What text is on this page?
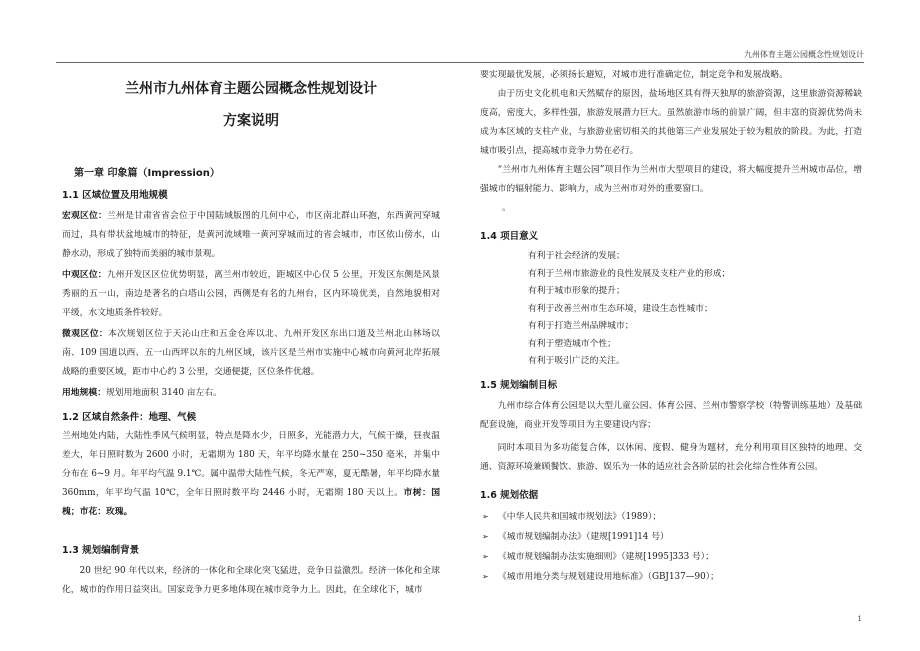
九州体育主题公园概念性规划设计
兰州市九州体育主题公园概念性规划设计
方案说明
第一章 印象篇（Impression）
1.1 区域位置及用地规模

宏观区位：兰州是甘肃省省会位于中国陆域版图的几何中心，市区南北群山环抱，东西黄河穿城而过，具有带状盆地城市的特征，是黄河流域唯一黄河穿城而过的省会城市，市区依山傍水，山静水动，形成了独特而美丽的城市景观。

中观区位：九州开发区区位优势明显，离兰州市较近，距城区中心仅 5 公里，开发区东侧是风景秀丽的五一山，南边是著名的白塔山公园，西侧是有名的九州台，区内环境优美，自然地貌相对平缓，水文地质条件较好。

微观区位：本次规划区位于天沁山庄和五金仓库以北、九州开发区东出口道及兰州北山林场以南、109 国道以西、五一山西坪以东的九州区域，该片区是兰州市实施中心城市向黄河北岸拓展战略的重要区域，距市中心约 3 公里，交通便捷，区位条件优越。

用地规模：规划用地面积 3140 亩左右。

1.2 区域自然条件：地理、气候

兰州地处内陆，大陆性季风气候明显，特点是降水少，日照多，光能潜力大，气候干燥，昼夜温差大，年日照时数为 2600 小时，无霜期为 180 天，年平均降水量在 250~350 毫米，并集中分布在 6~9 月。年平均气温 9.1℃。属中温带大陆性气候，冬无严寒，夏无酷暑，年平均降水量 360mm，年平均气温 10℃，全年日照时数平均 2446 小时，无霜期 180 天以上。市树：国槐；市花：玫瑰。

1.3 规划编制背景

20 世纪 90 年代以来，经济的一体化和全球化突飞猛进，竞争日益激烈。经济一体化和全球化，城市的作用日益突出。国家竞争力更多地体现在城市竞争力上。因此，在全球化下，城市

要实现最优发展，必须扬长避短，对城市进行准确定位，制定竞争和发展战略。

由于历史文化机电和天然赋存的原因，盐场地区具有得天独厚的旅游资源，这里旅游资源稀缺度高，密度大，多样性强，旅游发展潜力巨大。虽然旅游市场的前景广阔，但丰富的资源优势尚未成为本区域的支柱产业，与旅游业密切相关的其他第三产业发展处于较为粗放的阶段。为此，打造城市吸引点，提高城市竞争力势在必行。

“兰州市九州体育主题公园”项目作为兰州市大型项目的建设，将大幅度提升兰州城市品位，增强城市的辐射能力、影响力，成为兰州市对外的重要窗口。

。

1.4 项目意义
有利于社会经济的发展；
有利于兰州市旅游业的良性发展及支柱产业的形成；
有利于城市形象的提升；
有利于改善兰州市生态环境，建设生态性城市；
有利于打造兰州品牌城市；
有利于塑造城市个性；
有利于吸引广泛的关注。
1.5 规划编制目标

九州市综合体育公园是以大型儿童公园、体育公园、兰州市警察学校（特警训练基地）及基础配套设施，商业开发等项目为主要建设内容；

同时本项目为多功能复合体，以休闲、度假、健身为题材，充分利用项目区独特的地理、交通、资源环境兼顾餐饮、旅游、娱乐为一体的适应社会各阶层的社会化综合性体育公园。

1.6 规划依据
➢ 《中华人民共和国城市规划法》（1989）；
➢ 《城市规划编制办法》（建规[1991]14 号）
➢ 《城市规划编制办法实施细则》（建规[1995]333 号）；
➢ 《城市用地分类与规划建设用地标准》（GBJ137—90）；
1
